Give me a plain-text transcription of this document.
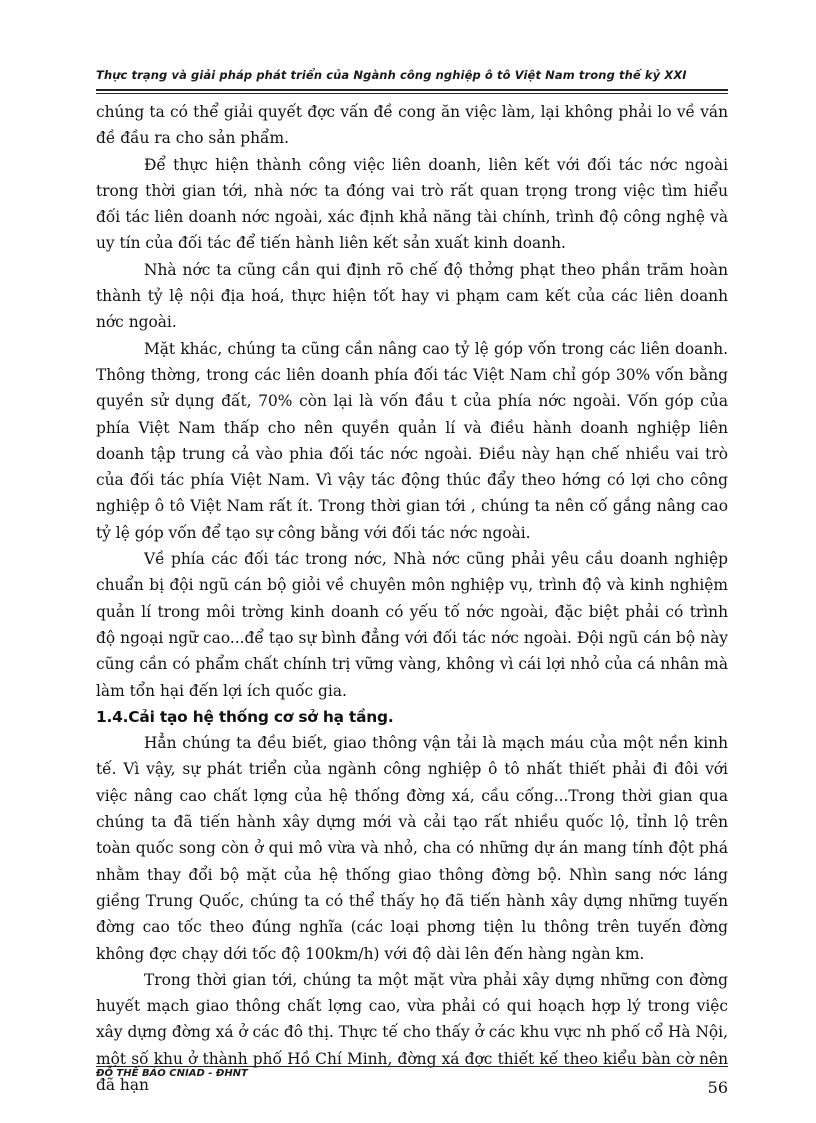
Thực trạng và giải pháp phát triển của Ngành công nghiệp ô tô Việt Nam trong thế kỷ XXI

chúng ta có thể giải quyết đợc vấn đề cong ăn việc làm, lại không phải lo về ván đề đầu ra cho sản phẩm.

Để thực hiện thành công việc liên doanh, liên kết với đối tác nớc ngoài trong thời gian tới, nhà nớc ta đóng vai trò rất quan trọng trong việc tìm hiểu đối tác liên doanh nớc ngoài, xác định khả năng tài chính, trình độ công nghệ và uy tín của đối tác để tiến hành liên kết sản xuất kinh doanh.

Nhà nớc ta cũng cần qui định rõ chế độ thởng phạt theo phần trăm hoàn thành tỷ lệ nội địa hoá, thực hiện tốt hay vi phạm cam kết của các liên doanh nớc ngoài.

Mặt khác, chúng ta cũng cần nâng cao tỷ lệ góp vốn trong các liên doanh. Thông thờng, trong các liên doanh phía đối tác Việt Nam chỉ góp 30% vốn bằng quyền sử dụng đất, 70% còn lại là vốn đầu t của phía nớc ngoài. Vốn góp của phía Việt Nam thấp cho nên quyền quản lí và điều hành doanh nghiệp liên doanh tập trung cả vào phia đối tác nớc ngoài. Điều này hạn chế nhiều vai trò của đối tác phía Việt Nam. Vì vậy tác động thúc đẩy theo hớng có lợi cho công nghiệp ô tô Việt Nam rất ít. Trong thời gian tới , chúng ta nên cố gắng nâng cao tỷ lệ góp vốn để tạo sự công bằng với đối tác nớc ngoài.

Về phía các đối tác trong nớc, Nhà nớc cũng phải yêu cầu doanh nghiệp chuẩn bị đội ngũ cán bộ giỏi về chuyên môn nghiệp vụ, trình độ và kinh nghiệm quản lí trong môi trờng kinh doanh có yếu tố nớc ngoài, đặc biệt phải có trình độ ngoại ngữ cao...để tạo sự bình đẳng với đối tác nớc ngoài. Đội ngũ cán bộ này cũng cần có phẩm chất chính trị vững vàng, không vì cái lợi nhỏ của cá nhân mà làm tổn hại đến lợi ích quốc gia.

1.4.Cải tạo hệ thống cơ sở hạ tầng.

Hẳn chúng ta đều biết, giao thông vận tải là mạch máu của một nền kinh tế. Vì vậy, sự phát triển của ngành công nghiệp ô tô nhất thiết phải đi đôi với việc nâng cao chất lợng của hệ thống đờng xá, cầu cống...Trong thời gian qua chúng ta đã tiến hành xây dựng mới và cải tạo rất nhiều quốc lộ, tỉnh lộ trên toàn quốc song còn ở qui mô vừa và nhỏ, cha có những dự án mang tính đột phá nhằm thay đổi bộ mặt của hệ thống giao thông đờng bộ. Nhìn sang nớc láng giềng Trung Quốc, chúng ta có thể thấy họ đã tiến hành xây dựng những tuyến đờng cao tốc theo đúng nghĩa (các loại phơng tiện lu thông trên tuyến đờng không đợc chạy dới tốc độ 100km/h) với độ dài lên đến hàng ngàn km.

Trong thời gian tới, chúng ta một mặt vừa phải xây dựng những con đờng huyết mạch giao thông chất lợng cao, vừa phải có qui hoạch hợp lý trong việc xây dựng đờng xá ở các đô thị. Thực tế cho thấy ở các khu vực nh phố cổ Hà Nội, một số khu ở thành phố Hồ Chí Minh, đờng xá đợc thiết kế theo kiểu bàn cờ nên đã hạn

ĐỖ THẾ BẢO CNIAD - ĐHNT
56
